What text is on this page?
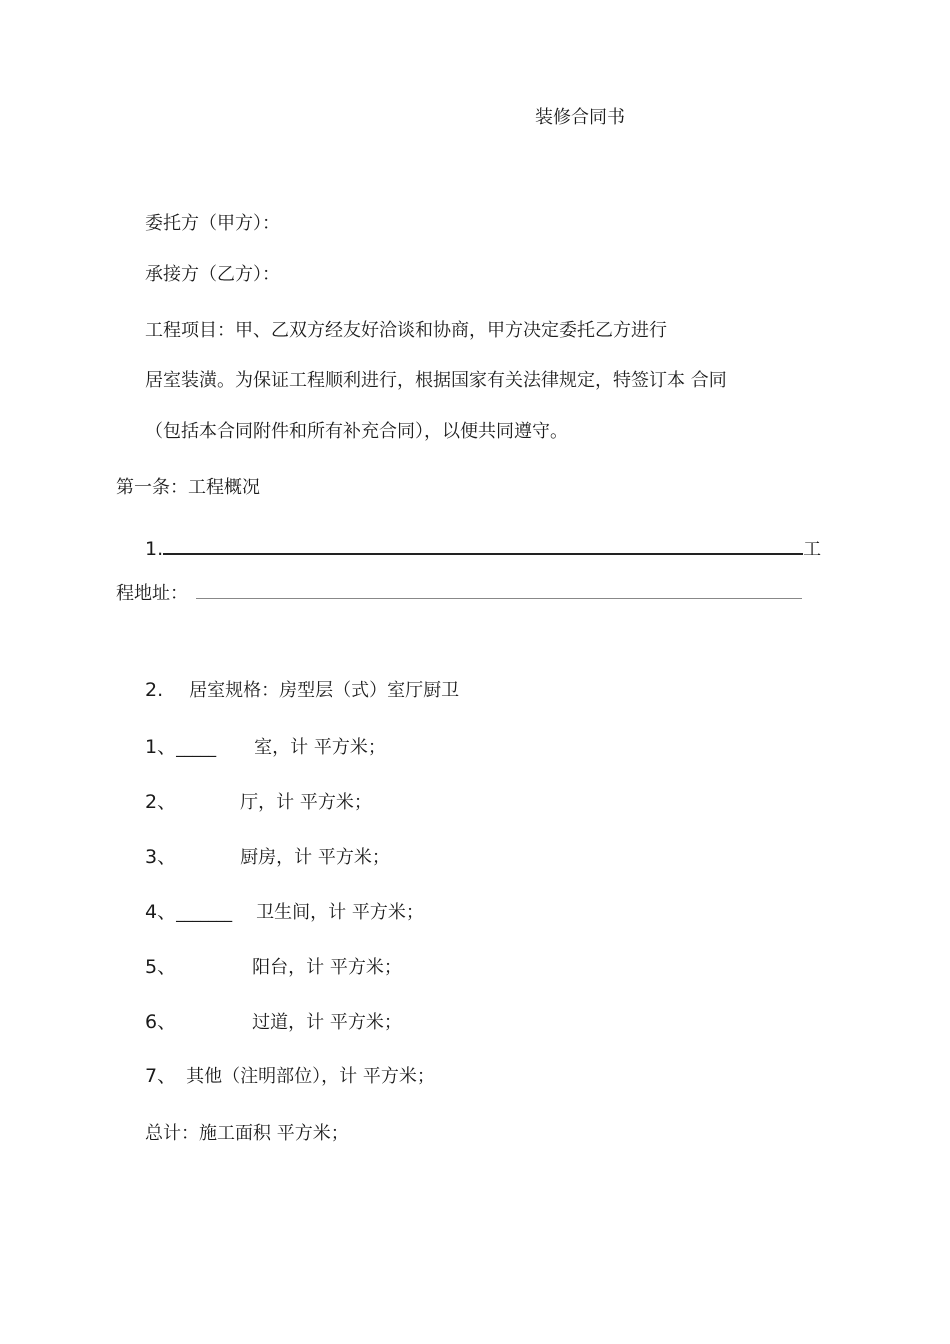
装修合同书
委托方（甲方）：
承接方（乙方）：
工程项目：甲、乙双方经友好洽谈和协商，甲方决定委托乙方进行
居室装潢。为保证工程顺利进行，根据国家有关法律规定，特签订本 合同
（包括本合同附件和所有补充合同），以便共同遵守。
第一条：工程概况
1.	工
程地址：
2. 居室规格：房型层（式）室厅厨卫
1、_____ 室，计 平方米；
2、	厅，计 平方米；
3、	厨房，计 平方米；
4、_______ 卫生间，计 平方米；
5、	阳台，计 平方米；
6、	过道，计 平方米；
7、 其他（注明部位），计 平方米；
总计：施工面积 平方米；
